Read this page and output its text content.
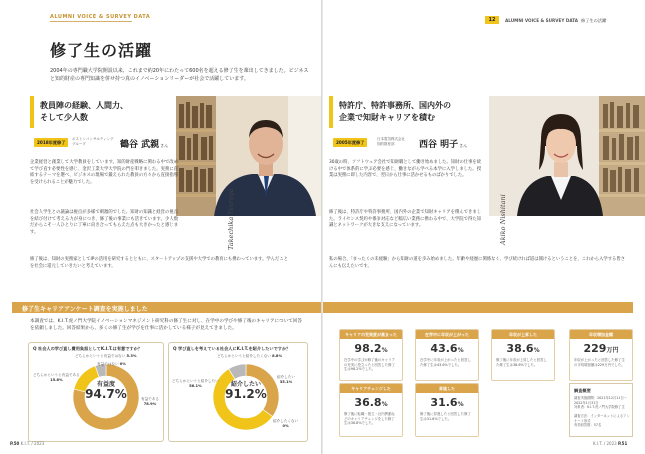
ALUMNI VOICE & SURVEY DATA
修了生の活躍

2004年の専門職大学院開設以来、これまで約20年にわたって600名を超える修了生を輩出してきました。ビジネスと知的財産の専門知識を併せ持つ真のイノベーションリーダーが社会で活躍しています。

教員陣の経験、人間力、
そして少人数
2018年度修了
ボストンコンサルティング
グループ	鶴谷 武親さん
Takechika Tsuruya

企業経営と創業して大学教員をしています。知的財産戦略に関わる中で改めて学び直す必要性を感じ、金沢工業大学大学院の門を叩きました。実務に直結するテーマを選べ、ビジネスの現場で鍛えられた教員の方々から直接指導を受けられることが魅力でした。

社会人学生との議論は視点が多様で刺激的でした。知財の知識と経営の視点を結び付けて考える力が身につき、修了後の事業にも活きています。少人数だからこそ一人ひとりに丁寧に向き合ってもらえた点も大きかったと感じます。

修了後は、知財の実務家としてIPの活用を研究するとともに、スタートアップの支援や大学での教育にも携わっています。学んだことを社会に還元していきたいと考えています。

修了生キャリアアンケート調査を実施しました

本調査では、K.I.T.虎ノ門大学院イノベーションマネジメント研究科の修了生に対し、在学中の学びや修了後のキャリアについて回答を依頼しました。回答結果から、多くの修了生が学びを仕事に活かしている様子が見えてきました。

Q 社会人の学び直し費用負担としてK.I.T.は有意ですか？
有益度
94.7%
どちらかというと有益である
15.8%
どちらかというと有益ではない 5.3%
有益ではない 0%
有益である
78.9%
Q 学び直しを考えている社会人にK.I.T.を紹介したいですか？
紹介したい
91.2%
どちらかというと紹介したい
56.1%
どちらかというと紹介したくない 8.8%
紹介したい
35.1%
紹介したくない
0%
P.50 K.I.T. / 2023
12	ALUMNI VOICE & SURVEY DATA 修了生の活躍
特許庁、特許事務所、国内外の
企業で知財キャリアを積む
2005年度修了
日本電気株式会社
知的財産部	西谷 明子さん
Akiko Nishitani

30歳の時、ソフトウェア会社で知財職として働き始めました。知財の仕事を続ける中で体系的に学ぶ必要を感じ、働きながら学べる本学に入学しました。授業は実務に即した内容で、翌日から仕事に活かせるものばかりでした。

修了後は、特許庁や特許事務所、国内外の企業で知財キャリアを積んできました。ライセンス契約や係争対応など幅広い業務に携わる中で、大学院で得た知識とネットワークが大きな支えになっています。

私の場合、「まったくの未経験」から知財の道を歩み始めました。年齢や経歴に関係なく、学び続ければ道は開けるということを、これから入学する皆さんにも伝えたいです。

キャリアの充実度が高まった
98.2%
在学中の学びが修了後のキャリアの充実に役立ったと回答した修了生は98.2%でした。
在学中に年収が上がった
43.6%
在学中に年収が上がったと回答した修了生は43.6%でした。
年収が上昇した
38.6%
修了後に年収が上昇したと回答した修了生は38.6%でした。
年収増加金額
229万円
年収が上がったと回答した修了生の平均増加額は229万円でした。
キャリアチェンジした
36.8%
修了後に転職・独立・社内異動などのキャリアチェンジをした修了生は36.8%でした。
昇進した
31.6%
修了後に昇進したと回答した修了生は31.6%でした。
調査概要
調査実施期間：2021年12月11日〜2022年1月31日
対象者：K.I.T.虎ノ門大学院修了生
調査方法：インターネットによるアンケート形式
有効回答数：57名
K.I.T. / 2023 P.51
